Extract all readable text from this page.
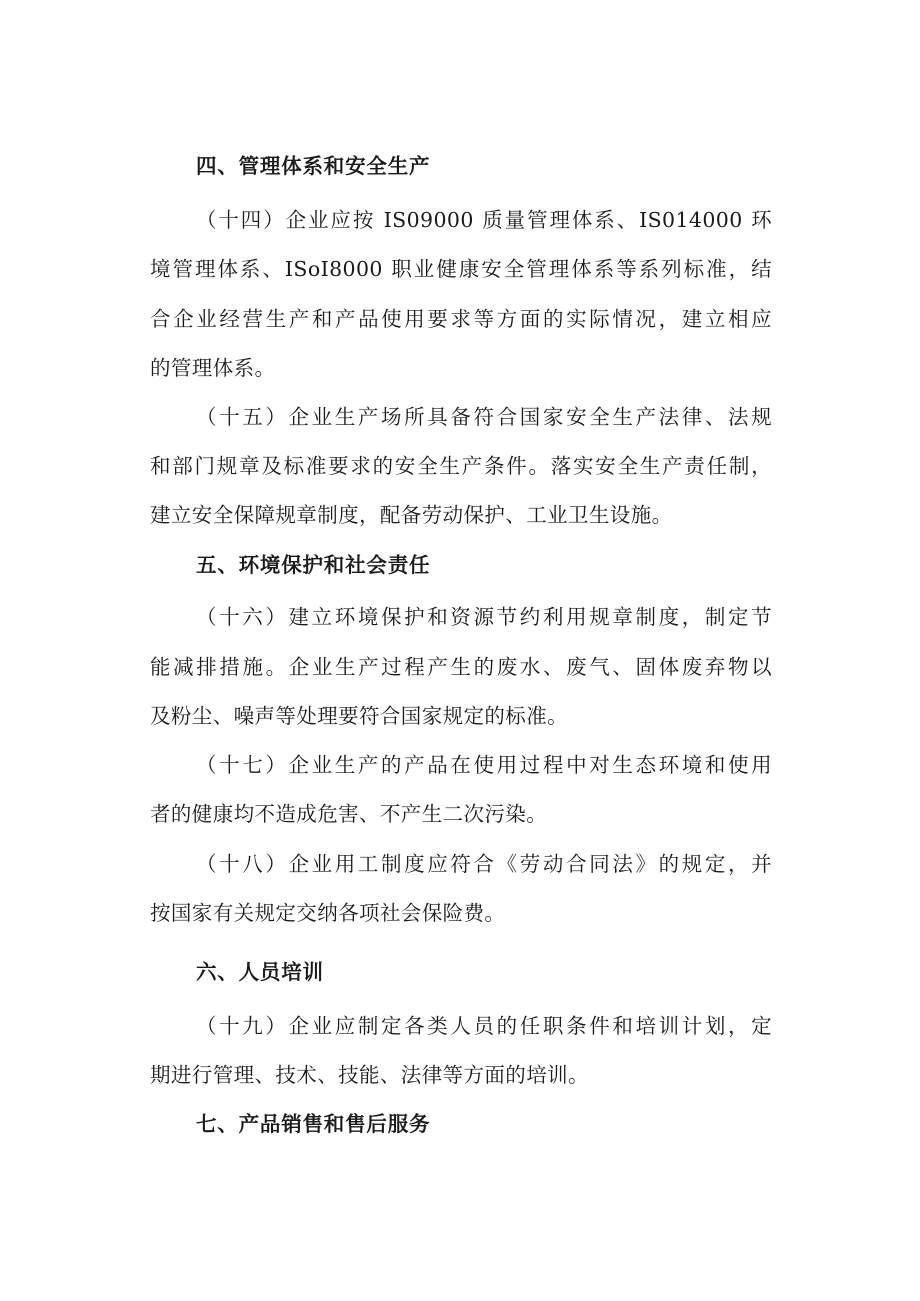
四、管理体系和安全生产
（十四）企业应按 IS09000 质量管理体系、IS014000 环
境管理体系、ISoI8000 职业健康安全管理体系等系列标准，结
合企业经营生产和产品使用要求等方面的实际情况，建立相应
的管理体系。
（十五）企业生产场所具备符合国家安全生产法律、法规
和部门规章及标准要求的安全生产条件。落实安全生产责任制，
建立安全保障规章制度，配备劳动保护、工业卫生设施。
五、环境保护和社会责任
（十六）建立环境保护和资源节约利用规章制度，制定节
能减排措施。企业生产过程产生的废水、废气、固体废弃物以
及粉尘、噪声等处理要符合国家规定的标准。
（十七）企业生产的产品在使用过程中对生态环境和使用
者的健康均不造成危害、不产生二次污染。
（十八）企业用工制度应符合《劳动合同法》的规定，并
按国家有关规定交纳各项社会保险费。
六、人员培训
（十九）企业应制定各类人员的任职条件和培训计划，定
期进行管理、技术、技能、法律等方面的培训。
七、产品销售和售后服务
